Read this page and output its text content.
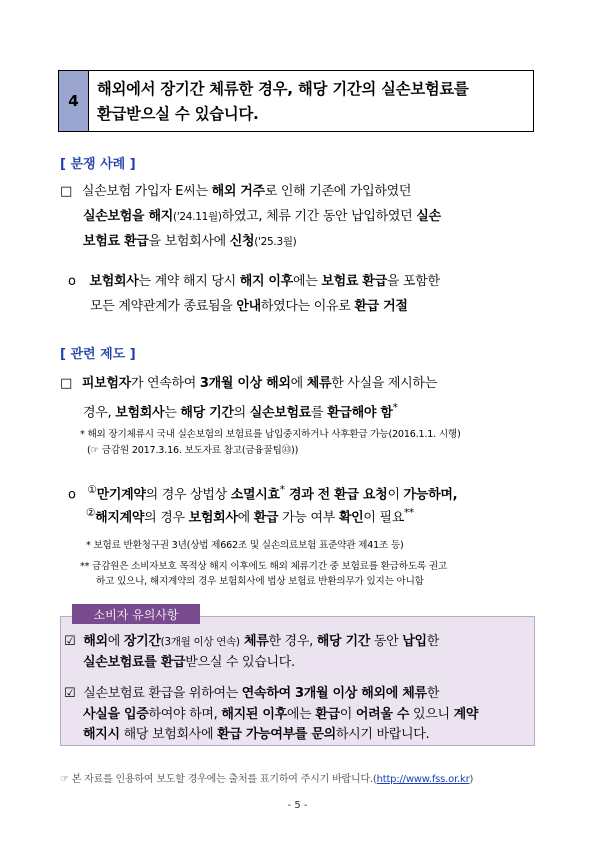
4
해외에서 장기간 체류한 경우, 해당 기간의 실손보험료를
환급받으실 수 있습니다.
[ 분쟁 사례 ]
□ 실손보험 가입자 E씨는 해외 거주로 인해 기존에 가입하였던
실손보험을 해지('24.11월)하였고, 체류 기간 동안 납입하였던 실손
보험료 환급을 보험회사에 신청('25.3월)
ο 보험회사는 계약 해지 당시 해지 이후에는 보험료 환급을 포함한
모든 계약관계가 종료됨을 안내하였다는 이유로 환급 거절
[ 관련 제도 ]
□ 피보험자가 연속하여 3개월 이상 해외에 체류한 사실을 제시하는
경우, 보험회사는 해당 기간의 실손보험료를 환급해야 함*
* 해외 장기체류시 국내 실손보험의 보험료를 납입중지하거나 사후환급 가능(2016.1.1. 시행)
(☞ 금감원 2017.3.16. 보도자료 참고(금융꿀팁㉝))
ο ①만기계약의 경우 상법상 소멸시효* 경과 전 환급 요청이 가능하며,
②해지계약의 경우 보험회사에 환급 가능 여부 확인이 필요**
* 보험료 반환청구권 3년(상법 제662조 및 실손의료보험 표준약관 제41조 등)
** 금감원은 소비자보호 목적상 해지 이후에도 해외 체류기간 중 보험료를 환급하도록 권고
하고 있으나, 해지계약의 경우 보험회사에 법상 보험료 반환의무가 있지는 아니함
소비자 유의사항
☑ 해외에 장기간(3개월 이상 연속) 체류한 경우, 해당 기간 동안 납입한
실손보험료를 환급받으실 수 있습니다.
☑ 실손보험료 환급을 위하여는 연속하여 3개월 이상 해외에 체류한
사실을 입증하여야 하며, 해지된 이후에는 환급이 어려울 수 있으니 계약
해지시 해당 보험회사에 환급 가능여부를 문의하시기 바랍니다.
☞ 본 자료를 인용하여 보도할 경우에는 출처를 표기하여 주시기 바랍니다.(http://www.fss.or.kr)
- 5 -
